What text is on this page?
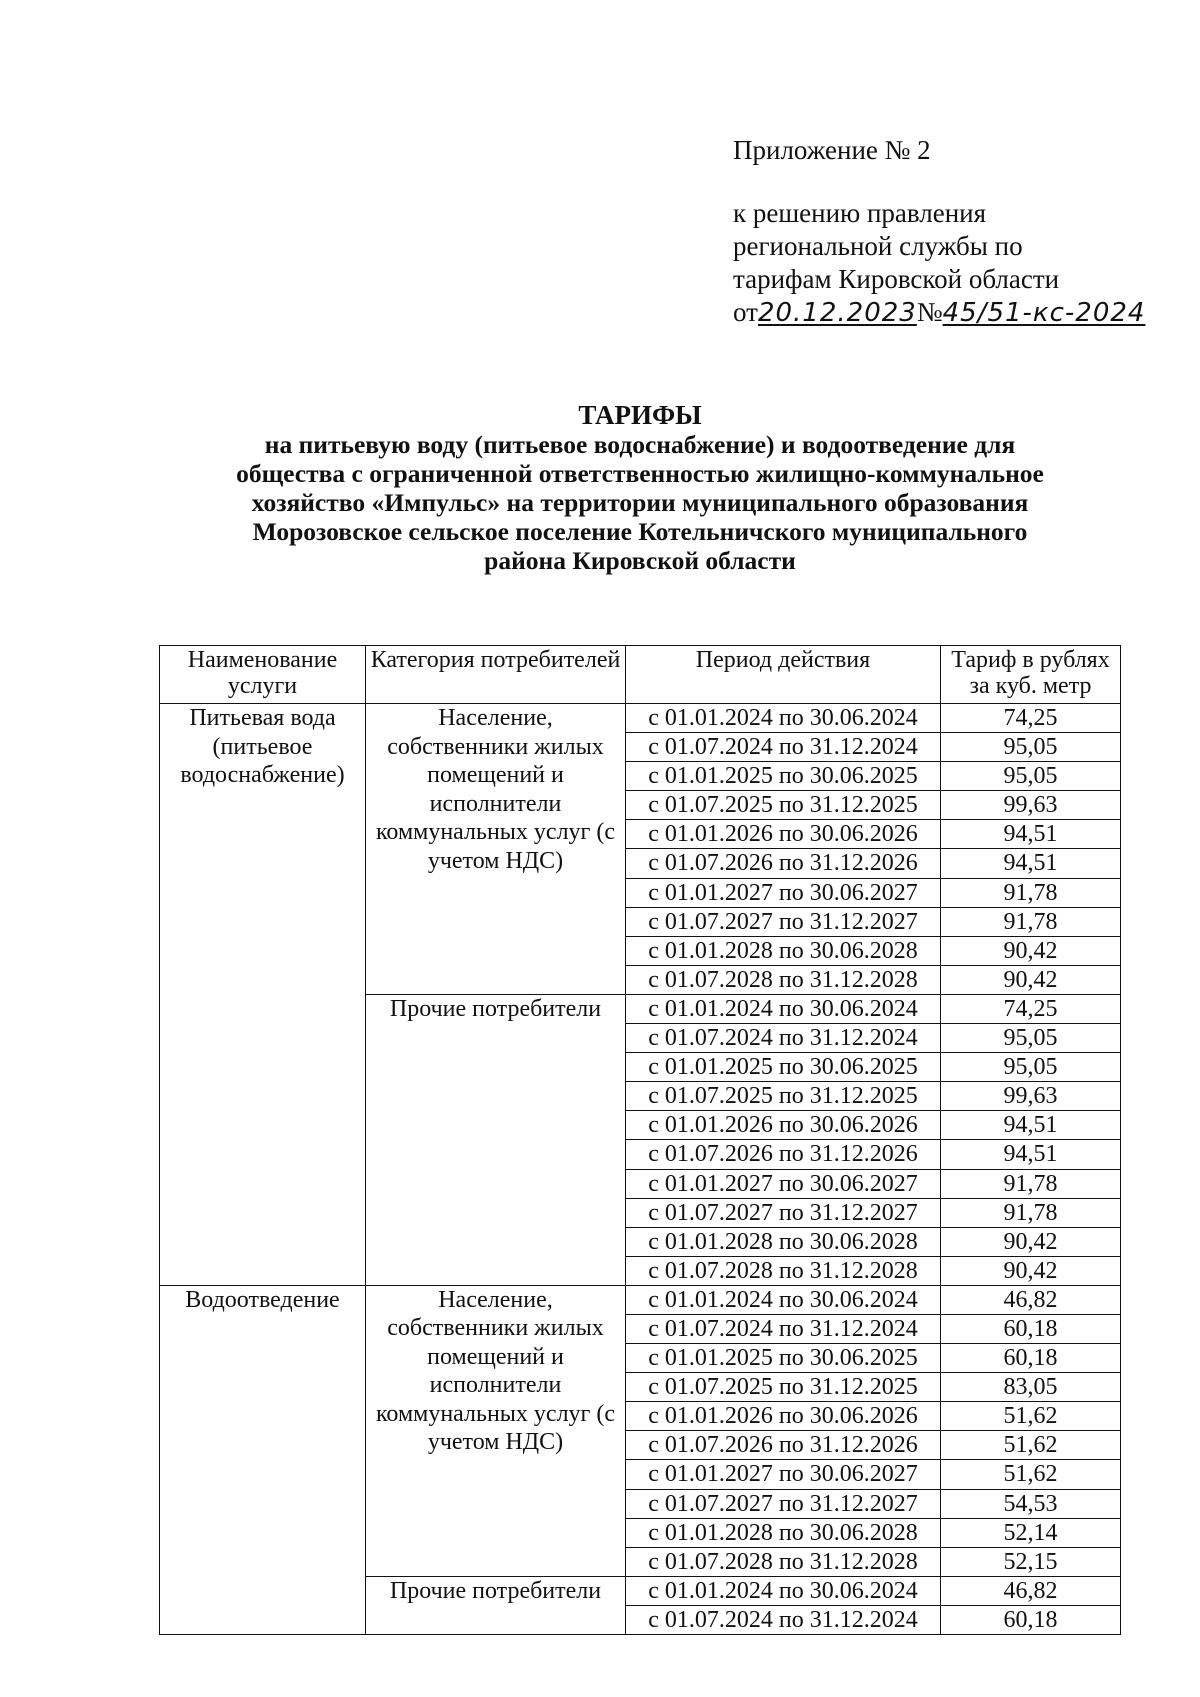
Приложение № 2
к решению правления
региональной службы по
тарифам Кировской области
от20.12.2023№45/51-кс-2024
ТАРИФЫ
на питьевую воду (питьевое водоснабжение) и водоотведение для
общества с ограниченной ответственностью жилищно-коммунальное
хозяйство «Импульс» на территории муниципального образования
Морозовское сельское поселение Котельничского муниципального
района Кировской области
Наименование услуги	Категория потребителей	Период действия	Тариф в рублях за куб. метр
Питьевая вода (питьевое водоснабжение)	Население, собственники жилых помещений и исполнители коммунальных услуг (с учетом НДС)	с 01.01.2024 по 30.06.2024	74,25
		с 01.07.2024 по 31.12.2024	95,05
		с 01.01.2025 по 30.06.2025	95,05
		с 01.07.2025 по 31.12.2025	99,63
		с 01.01.2026 по 30.06.2026	94,51
		с 01.07.2026 по 31.12.2026	94,51
		с 01.01.2027 по 30.06.2027	91,78
		с 01.07.2027 по 31.12.2027	91,78
		с 01.01.2028 по 30.06.2028	90,42
		с 01.07.2028 по 31.12.2028	90,42
	Прочие потребители	с 01.01.2024 по 30.06.2024	74,25
		с 01.07.2024 по 31.12.2024	95,05
		с 01.01.2025 по 30.06.2025	95,05
		с 01.07.2025 по 31.12.2025	99,63
		с 01.01.2026 по 30.06.2026	94,51
		с 01.07.2026 по 31.12.2026	94,51
		с 01.01.2027 по 30.06.2027	91,78
		с 01.07.2027 по 31.12.2027	91,78
		с 01.01.2028 по 30.06.2028	90,42
		с 01.07.2028 по 31.12.2028	90,42
Водоотведение	Население, собственники жилых помещений и исполнители коммунальных услуг (с учетом НДС)	с 01.01.2024 по 30.06.2024	46,82
		с 01.07.2024 по 31.12.2024	60,18
		с 01.01.2025 по 30.06.2025	60,18
		с 01.07.2025 по 31.12.2025	83,05
		с 01.01.2026 по 30.06.2026	51,62
		с 01.07.2026 по 31.12.2026	51,62
		с 01.01.2027 по 30.06.2027	51,62
		с 01.07.2027 по 31.12.2027	54,53
		с 01.01.2028 по 30.06.2028	52,14
		с 01.07.2028 по 31.12.2028	52,15
	Прочие потребители	с 01.01.2024 по 30.06.2024	46,82
		с 01.07.2024 по 31.12.2024	60,18
